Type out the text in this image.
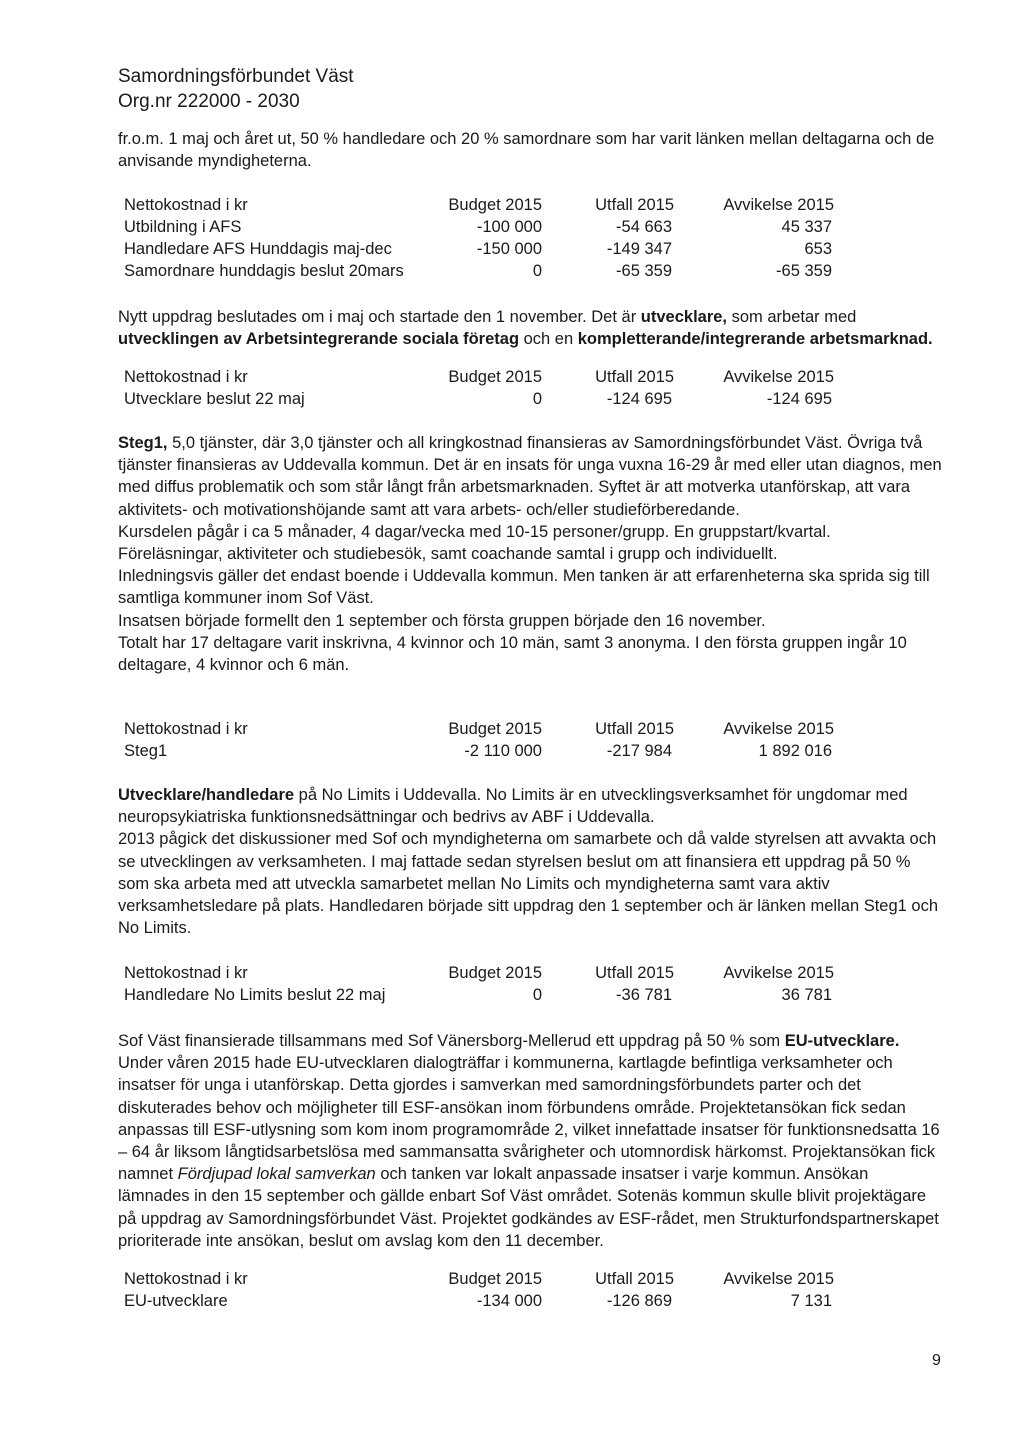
Samordningsförbundet Väst
Org.nr 222000 - 2030
fr.o.m. 1 maj och året ut, 50 % handledare och 20 % samordnare som har varit länken mellan deltagarna och de anvisande myndigheterna.
Nettokostnad i kr	Budget 2015	Utfall 2015	Avvikelse 2015
Utbildning i AFS	-100 000	-54 663	45 337
Handledare AFS Hunddagis maj-dec	-150 000	-149 347	653
Samordnare hunddagis beslut 20mars	0	-65 359	-65 359
Nytt uppdrag beslutades om i maj och startade den 1 november. Det är utvecklare, som arbetar med utvecklingen av Arbetsintegrerande sociala företag och en kompletterande/integrerande arbetsmarknad.
Nettokostnad i kr	Budget 2015	Utfall 2015	Avvikelse 2015
Utvecklare beslut 22 maj	0	-124 695	-124 695
Steg1, 5,0 tjänster, där 3,0 tjänster och all kringkostnad finansieras av Samordningsförbundet Väst. Övriga två tjänster finansieras av Uddevalla kommun. Det är en insats för unga vuxna 16-29 år med eller utan diagnos, men med diffus problematik och som står långt från arbetsmarknaden. Syftet är att motverka utanförskap, att vara aktivitets- och motivationshöjande samt att vara arbets- och/eller studieförberedande.
Kursdelen pågår i ca 5 månader, 4 dagar/vecka med 10-15 personer/grupp. En gruppstart/kvartal.
Föreläsningar, aktiviteter och studiebesök, samt coachande samtal i grupp och individuellt.
Inledningsvis gäller det endast boende i Uddevalla kommun. Men tanken är att erfarenheterna ska sprida sig till samtliga kommuner inom Sof Väst.
Insatsen började formellt den 1 september och första gruppen började den 16 november.
Totalt har 17 deltagare varit inskrivna, 4 kvinnor och 10 män, samt 3 anonyma. I den första gruppen ingår 10 deltagare, 4 kvinnor och 6 män.
Nettokostnad i kr	Budget 2015	Utfall 2015	Avvikelse 2015
Steg1	-2 110 000	-217 984	1 892 016
Utvecklare/handledare på No Limits i Uddevalla. No Limits är en utvecklingsverksamhet för ungdomar med neuropsykiatriska funktionsnedsättningar och bedrivs av ABF i Uddevalla.
2013 pågick det diskussioner med Sof och myndigheterna om samarbete och då valde styrelsen att avvakta och se utvecklingen av verksamheten. I maj fattade sedan styrelsen beslut om att finansiera ett uppdrag på 50 % som ska arbeta med att utveckla samarbetet mellan No Limits och myndigheterna samt vara aktiv verksamhetsledare på plats. Handledaren började sitt uppdrag den 1 september och är länken mellan Steg1 och No Limits.
Nettokostnad i kr	Budget 2015	Utfall 2015	Avvikelse 2015
Handledare No Limits beslut 22 maj	0	-36 781	36 781
Sof Väst finansierade tillsammans med Sof Vänersborg-Mellerud ett uppdrag på 50 % som EU-utvecklare. Under våren 2015 hade EU-utvecklaren dialogträffar i kommunerna, kartlagde befintliga verksamheter och insatser för unga i utanförskap. Detta gjordes i samverkan med samordningsförbundets parter och det diskuterades behov och möjligheter till ESF-ansökan inom förbundens område. Projektetansökan fick sedan anpassas till ESF-utlysning som kom inom programområde 2, vilket innefattade insatser för funktionsnedsatta 16 – 64 år liksom långtidsarbetslösa med sammansatta svårigheter och utomnordisk härkomst. Projektansökan fick namnet Fördjupad lokal samverkan och tanken var lokalt anpassade insatser i varje kommun. Ansökan lämnades in den 15 september och gällde enbart Sof Väst området. Sotenäs kommun skulle blivit projektägare på uppdrag av Samordningsförbundet Väst. Projektet godkändes av ESF-rådet, men Strukturfondspartnerskapet prioriterade inte ansökan, beslut om avslag kom den 11 december.
Nettokostnad i kr	Budget 2015	Utfall 2015	Avvikelse 2015
EU-utvecklare	-134 000	-126 869	7 131
9
